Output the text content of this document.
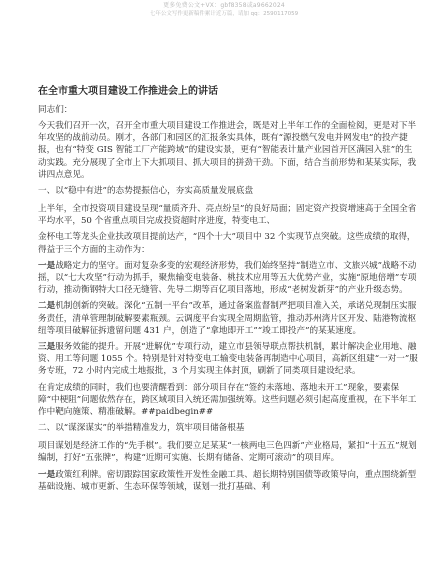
更多免费公文+VX：gbf8358或a9662024
七年公文写作更新稿件累计近万篇，请加 qq：2590117059
在全市重大项目建设工作推进会上的讲话
同志们：

今天我们召开一次，召开全市重大项目建设工作推进会，既是对上半年工作的全面检阅，更是对下半年攻坚的战前动员。刚才，各部门和园区的汇报条实具体，既有“源投燃气发电并网发电”的投产捷报，也有“特变 GIS 智能工厂产能跨域”的建设实景，更有“智能表计量产业园首开区满园入驻”的生动实践。充分展现了全市上下大抓项目、抓大项目的拼劲干劲。下面，结合当前形势和某某实际，我讲四点意见。

一、以“稳中有进”的态势提振信心，夯实高质量发展底盘

上半年，全市投资项目建设呈现“量质齐升、亮点纷呈”的良好局面；固定资产投资增速高于全国全省平均水平，50 个省重点项目完成投资超时序进度，特变电工、

金杯电工等龙头企业扶改项目提前达产，“四个十大”项目中 32 个实现节点突破。这些成绩的取得，得益于三个方面的主动作为：

一是战略定力的坚守。面对复杂多变的宏观经济形势，我们始终坚持“制造立市、文旅兴城”战略不动摇，以“七大攻坚”行动为抓手，聚焦输变电装备、桃技术应用等五大优势产业，实施“原地倍增”专项行动，推动衡钢特大口径无缝管、先导二期等百亿项目落地，形成“老树发新芽”的产业升级态势。

二是机制创新的突破。深化“五制一平台”改革，通过备案监督制严把项目准入关，承诺兑现制压实服务责任，清单管理制破解要素瓶颈。云调度平台实现全周期监管，推动苏州湾片区开发、陆港物流枢纽等项目破解征拆遗留问题 431 户，创造了“拿地即开工”“竣工即投产”的某某速度。

三是服务效能的提升。开展“进解优”专项行动，建立市县领导联点帮扶机制，累计解决企业用地、融资、用工等问题 1055 个。特别是针对特变电工输变电装备再制造中心项目，高新区组建“一对一”服务专班，72 小时内完成土地报批，3 个月实现主体封顶，刷新了同类项目建设纪录。

在肯定成绩的同时，我们也要清醒看到：部分项目存在“签约未落地、落地未开工”现象，要素保障“中梗阻”问题依然存在，跨区域项目入统还需加强统筹。这些问题必须引起高度重视，在下半年工作中靶向施策、精准破解。##paidbegin##

二、以“谋深谋实”的举措精准发力，筑牢项目储备根基

项目谋划是经济工作的“先手棋”。我们要立足某某“一核两电三色四新”产业格局，紧扣“十五五”规划编制，打好“五张牌”，构建“近期可实施、长期有储备、定期可滚动”的项目库。

一是政策红利牌。密切跟踪国家政策性开发性金融工具、超长期特别国债等政策导向，重点围绕新型基础设施、城市更新、生态环保等领域，谋划一批打基础、利
